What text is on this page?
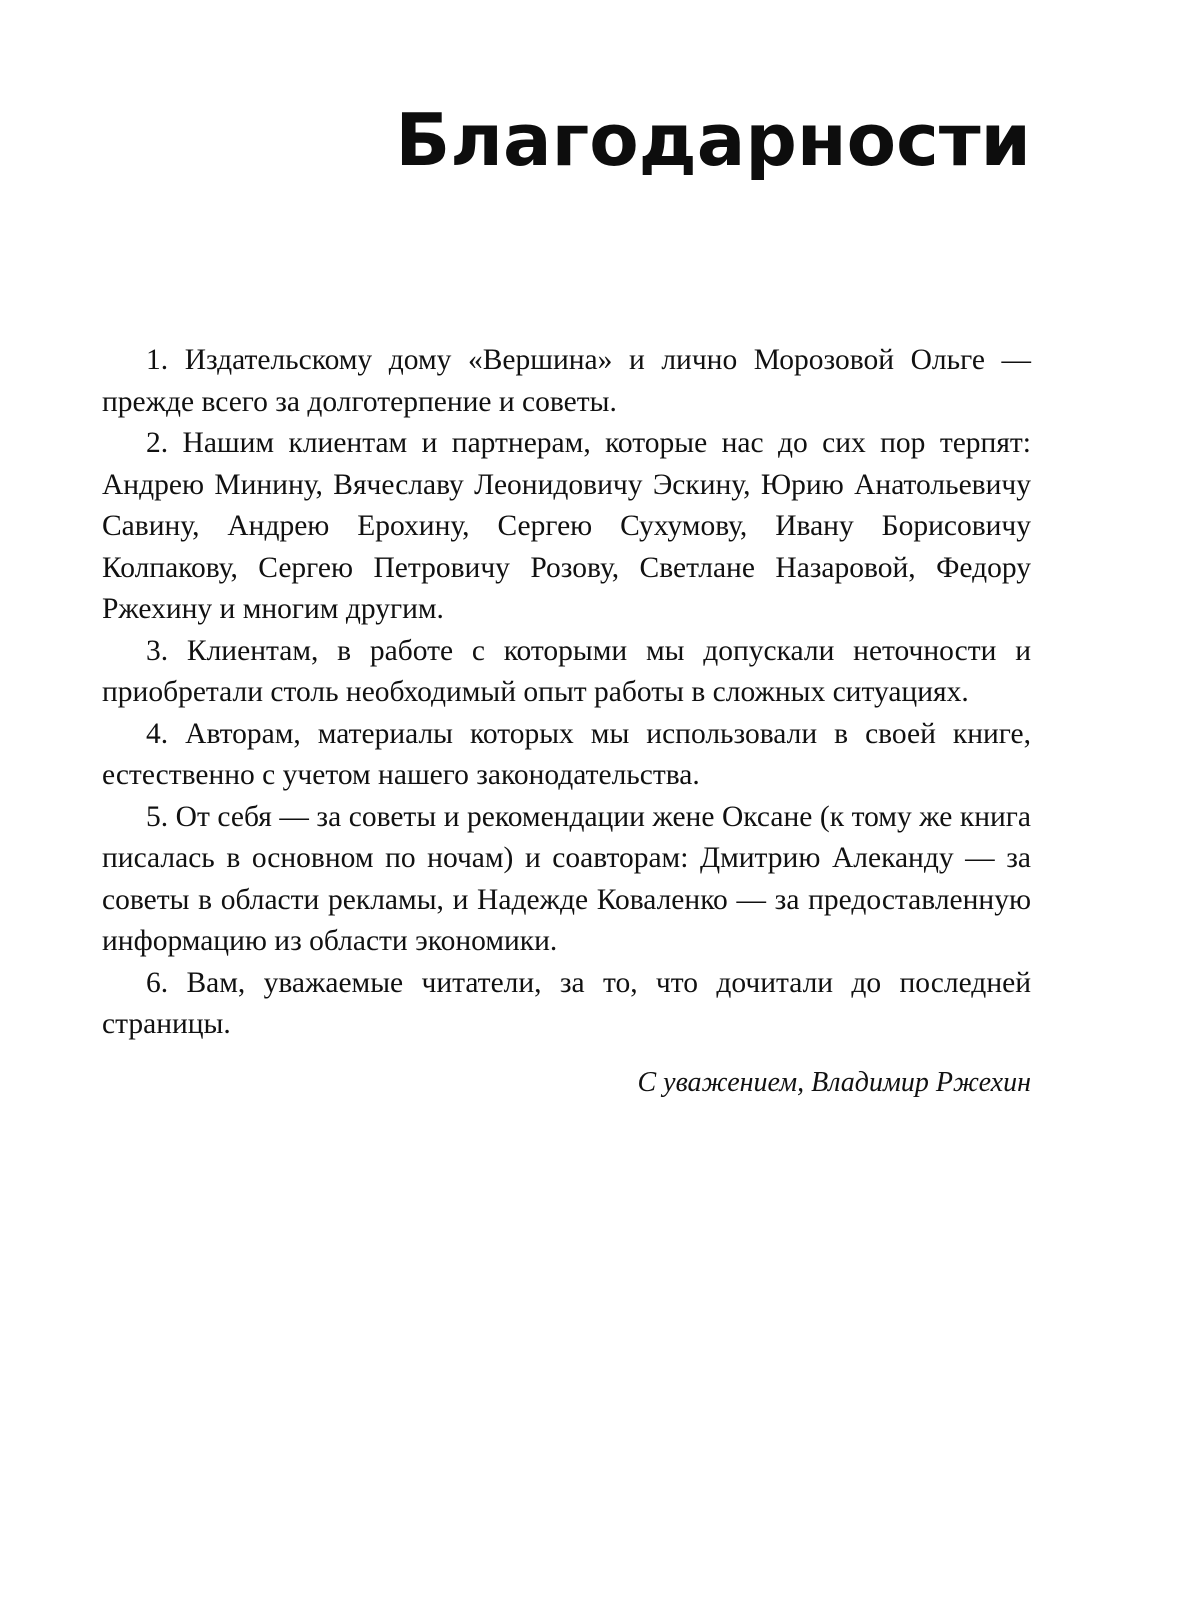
Благодарности

1. Издательскому дому «Вершина» и лично Морозовой Ольге — прежде всего за долготерпение и советы.

2. Нашим клиентам и партнерам, которые нас до сих пор терпят: Андрею Минину, Вячеславу Леонидовичу Эскину, Юрию Анатольевичу Савину, Андрею Ерохину, Сергею Сухумову, Ивану Борисовичу Колпакову, Сергею Петровичу Розову, Светлане Назаровой, Федору Ржехину и многим другим.

3. Клиентам, в работе с которыми мы допускали неточности и приобретали столь необходимый опыт работы в сложных ситуациях.

4. Авторам, материалы которых мы использовали в своей книге, естественно с учетом нашего законодательства.

5. От себя — за советы и рекомендации жене Оксане (к тому же книга писалась в основном по ночам) и соавторам: Дмитрию Алеканду — за советы в области рекламы, и Надежде Коваленко — за предоставленную информацию из области экономики.

6. Вам, уважаемые читатели, за то, что дочитали до последней страницы.

С уважением, Владимир Ржехин
